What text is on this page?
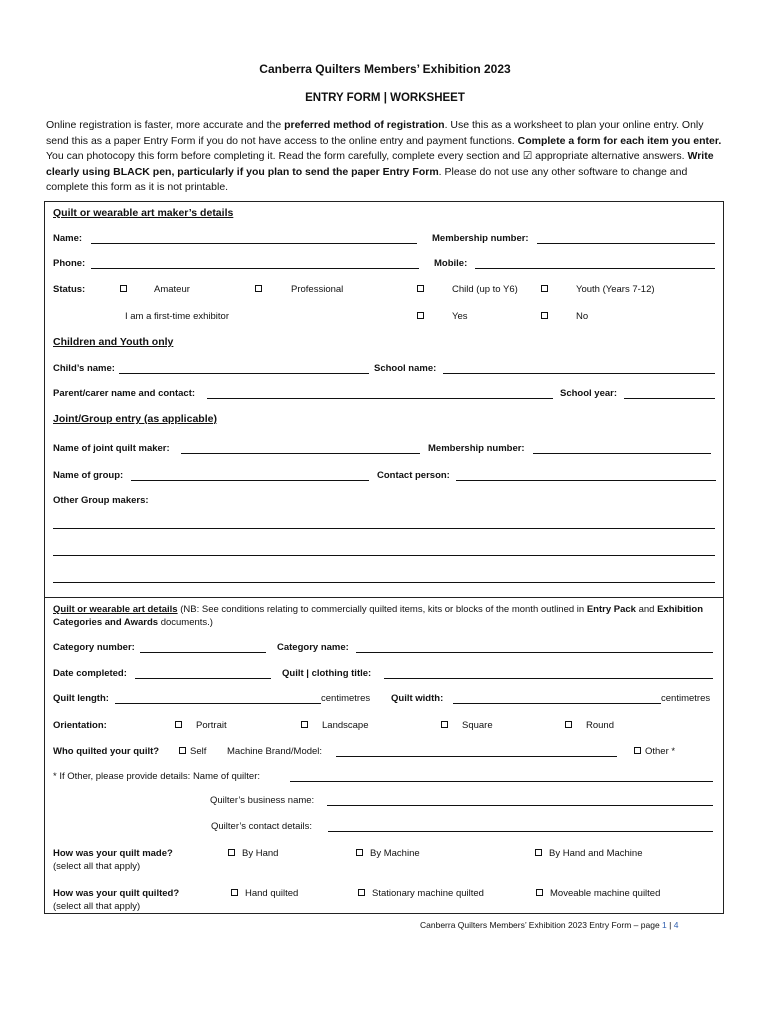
Canberra Quilters Members’ Exhibition 2023
ENTRY FORM | WORKSHEET
Online registration is faster, more accurate and the preferred method of registration. Use this as a worksheet to plan your online entry. Only send this as a paper Entry Form if you do not have access to the online entry and payment functions. Complete a form for each item you enter. You can photocopy this form before completing it. Read the form carefully, complete every section and ☑ appropriate alternative answers. Write clearly using BLACK pen, particularly if you plan to send the paper Entry Form. Please do not use any other software to change and complete this form as it is not printable.
Quilt or wearable art maker’s details
Name:	Membership number:
Phone:	Mobile:
Status:	Amateur	Professional	Child (up to Y6)	Youth (Years 7-12)
I am a first-time exhibitor	Yes	No
Children and Youth only
Child’s name:	School name:
Parent/carer name and contact:	School year:
Joint/Group entry (as applicable)
Name of joint quilt maker:	Membership number:
Name of group:	Contact person:
Other Group makers:
Quilt or wearable art details (NB: See conditions relating to commercially quilted items, kits or blocks of the month outlined in Entry Pack and Exhibition Categories and Awards documents.)
Category number:	Category name:
Date completed:	Quilt | clothing title:
Quilt length:	centimetres Quilt width:	centimetres
Orientation:	Portrait	Landscape	Square	Round
Who quilted your quilt?	Self Machine Brand/Model:	Other *
* If Other, please provide details: Name of quilter:
Quilter’s business name:
Quilter’s contact details:
How was your quilt made?
(select all that apply)
By Hand	By Machine	By Hand and Machine
How was your quilt quilted?
(select all that apply)
Hand quilted	Stationary machine quilted	Moveable machine quilted
Canberra Quilters Members’ Exhibition 2023 Entry Form – page 1 | 4
